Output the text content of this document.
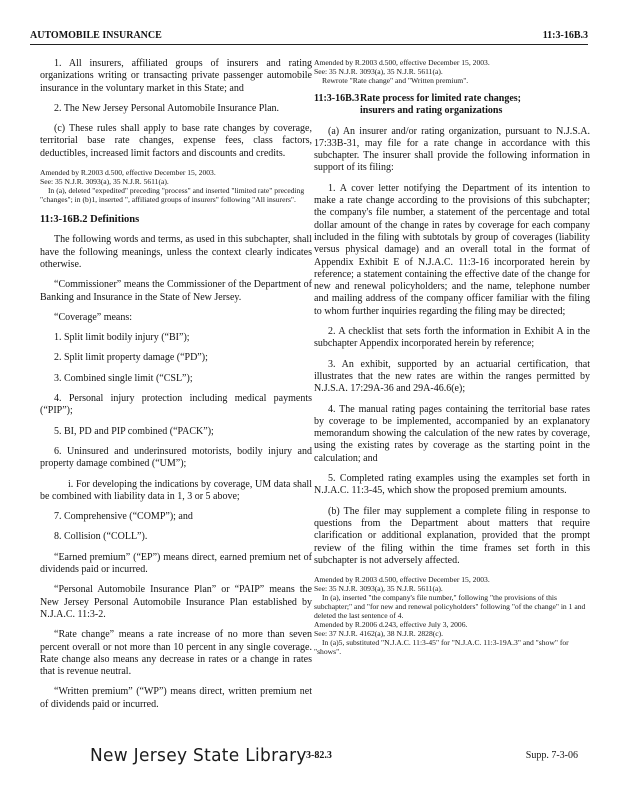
AUTOMOBILE INSURANCE	11:3-16B.3

1. All insurers, affiliated groups of insurers and rating organizations writing or transacting private passenger automobile insurance in the voluntary market in this State; and

2. The New Jersey Personal Automobile Insurance Plan.

(c) These rules shall apply to base rate changes by coverage, territorial base rate changes, expense fees, class factors, deductibles, increased limit factors and discounts and credits.

Amended by R.2003 d.500, effective December 15, 2003.

See: 35 N.J.R. 3093(a), 35 N.J.R. 5611(a).

In (a), deleted "expedited" preceding "process" and inserted "limited rate" preceding "changes"; in (b)1, inserted ", affiliated groups of insurers" following "All insurers".

11:3-16B.2 Definitions

The following words and terms, as used in this subchapter, shall have the following meanings, unless the context clearly indicates otherwise.

“Commissioner” means the Commissioner of the Department of Banking and Insurance in the State of New Jersey.

“Coverage” means:

1. Split limit bodily injury (“BI”);

2. Split limit property damage (“PD”);

3. Combined single limit (“CSL”);

4. Personal injury protection including medical payments (“PIP”);

5. BI, PD and PIP combined (“PACK”);

6. Uninsured and underinsured motorists, bodily injury and property damage combined (“UM”);

i. For developing the indications by coverage, UM data shall be combined with liability data in 1, 3 or 5 above;

7. Comprehensive (“COMP”); and

8. Collision (“COLL”).

“Earned premium” (“EP”) means direct, earned premium net of dividends paid or incurred.

“Personal Automobile Insurance Plan” or “PAIP” means the New Jersey Personal Automobile Insurance Plan established by N.J.A.C. 11:3-2.

“Rate change” means a rate increase of no more than seven percent overall or not more than 10 percent in any single coverage. Rate change also means any decrease in rates or a change in rates that is revenue neutral.

“Written premium” (“WP”) means direct, written premium net of dividends paid or incurred.

Amended by R.2003 d.500, effective December 15, 2003.

See: 35 N.J.R. 3093(a), 35 N.J.R. 5611(a).

Rewrote "Rate change" and "Written premium".

11:3-16B.3Rate process for limited rate changes;
insurers and rating organizations

(a) An insurer and/or rating organization, pursuant to N.J.S.A. 17:33B-31, may file for a rate change in accordance with this subchapter. The insurer shall provide the following information in support of its filing:

1. A cover letter notifying the Department of its intention to make a rate change according to the provisions of this subchapter; the company's file number, a statement of the percentage and total dollar amount of the change in rates by coverage for each company included in the filing with subtotals by group of coverages (liability versus physical damage) and an overall total in the format of Appendix Exhibit E of N.J.A.C. 11:3-16 incorporated herein by reference; a statement containing the effective date of the change for new and renewal policyholders; and the name, telephone number and mailing address of the company officer familiar with the filing to whom further inquiries regarding the filing may be directed;

2. A checklist that sets forth the information in Exhibit A in the subchapter Appendix incorporated herein by reference;

3. An exhibit, supported by an actuarial certification, that illustrates that the new rates are within the ranges permitted by N.J.S.A. 17:29A-36 and 29A-46.6(e);

4. The manual rating pages containing the territorial base rates by coverage to be implemented, accompanied by an explanatory memorandum showing the calculation of the new rates by coverage, using the existing rates by coverage as the starting point in the calculation; and

5. Completed rating examples using the examples set forth in N.J.A.C. 11:3-45, which show the proposed premium amounts.

(b) The filer may supplement a complete filing in response to questions from the Department about matters that require clarification or additional explanation, provided that the prompt review of the filing within the time frames set forth in this subchapter is not adversely affected.

Amended by R.2003 d.500, effective December 15, 2003.

See: 35 N.J.R. 3093(a), 35 N.J.R. 5611(a).

In (a), inserted "the company's file number," following "the provisions of this subchapter;" and "for new and renewal policyholders" following "of the change" in 1 and deleted the last sentence of 4.

Amended by R.2006 d.243, effective July 3, 2006.

See: 37 N.J.R. 4162(a), 38 N.J.R. 2828(c).

In (a)5, substituted "N.J.A.C. 11:3-45" for "N.J.A.C. 11:3-19A.3" and "show" for "shows".

New Jersey State Library 3-82.3	Supp. 7-3-06
